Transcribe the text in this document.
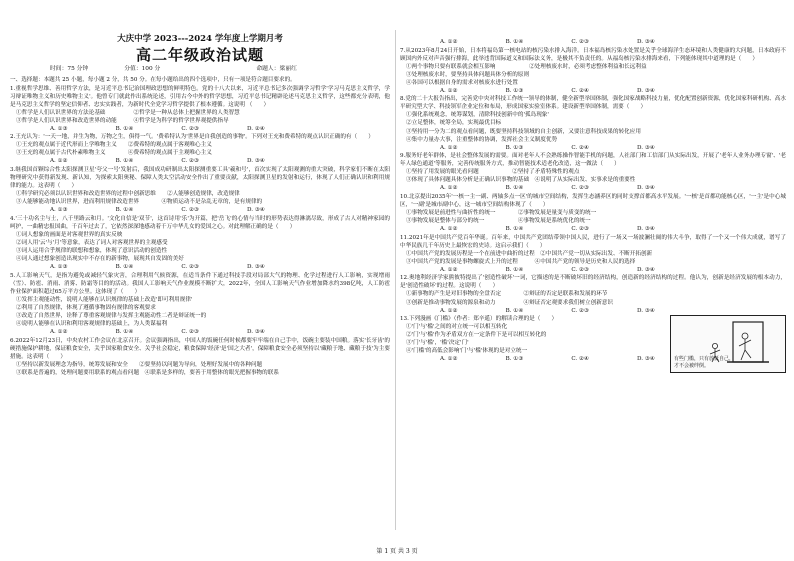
大庆中学 2023---2024 学年度上学期月考
高二年级政治试题
时间：75 分钟	分值：100 分	命题人：梁丽红

一、选择题：本题共 25 小题，每小题 2 分，共 50 分。在每小题给出的四个选项中，只有一项是符合题目要求的。

1.重视哲学思维、善用哲学方法，是习近平总书记治国理政思想的鲜明特色。党的十八大以来，习近平总书记多次强调学习哲学'学习马克思主义哲学，学习辩证唯物主义和历史唯物主义'。他曾专门就此作出系统论述，引用古今中外的哲学思想，习近平总书记精辟论述马克思主义哲学，这些都充分表明，他是马克思主义哲学的坚定信仰者、忠实实践者，为新时代全党学习哲学提供了根本遵循。这说明 （　　）

①哲学是人们认识世界的方法论基础　　　　　②哲学是一种从总体上把握世界的人类智慧

③哲学是人们认识世界和改造世界的动能　　　④哲学是为科学的哲学世界观提供指导

A. ①③	B. ①④	C. ②③	D. ②④

2.王充认为：'一天一地，并生为物，万物之生，俱得一气。'费希特认为'世界是自我创造的事物'。下列对王充和费希特的观点认识正确的有（　　）

①王充的观点属于近代形而上学唯物主义　　②费希特的观点属于客观唯心主义

③王充的观点属于古代朴素唯物主义　　　　④费希特的观点属于主观唯心主义

A. ①②	B. ①④	C. ②③	D. ③④

3.继我国首颗综合性太阳探测卫星'夸父一号'发射后，我国成功研制出太阳探测重要工具'羲和号'，首次实现了太阳观测的重大突破，科学家们不断在太阳物理研究中获得新发现、新认知，为探索太阳奥秘、保障人类太空活动安全作出了重要贡献，太阳探测卫星的发射和运行，体现了人们正确认识和利用规律的能力。这表明（　　）

①科学研究必须以认识世界和改造世界的过程中创新思维　　②人能够创造规律，改造规律

③人能够能动地认识世界，进而利用规律改造世界　　　　④物质运动不是杂乱无章的，是有规律的

A. ①③	B. ①④	C. ②③	D. ③④

4.'三十功名尘与土，八千里路云和月。'文化自信是'双节'，这首诗用'乐'为开篇，把'岳飞'的心情与当时的形势表达得淋漓尽致，形成了古人对精神家园的呵护，一曲精忠报国曲，千百年过去了，它依然深深地感动着千万中华儿女的爱国之心。对此理解正确的是（　　）

①词人想象的画面是对客观世界的真实反映

②词人用'云'与'月'等意象，表达了词人对客观世界的主观感受

③词人运用合乎规律的联想和想象，体现了意识活动的创造性

④词人通过想象创造出现实中不存在的新事物，展现其自发固的美好

A. ①③	B. ①④	C. ②③	D. ③④

5.人工影响天气，是指为避免或减轻气象灾害，合理利用气候资源，在适当条件下通过科技手段对局部大气的物理、化学过程进行人工影响，实现增雨（雪）、防雹、消雨、消雾、防霜等目的的活动。我国人工影响天气作业规模不断扩大，2022年，全国人工影响天气作业增加降水约398亿吨，人工防雹作业保护面积超过65万平方公里。这体现了（　　）

①发挥主观能动性，说明人能够在认识规律的基础上改造'即可利用规律'

②利用了自然规律，体现了遵循事物固有规律的客观要求

③改造了自然世界，诠释了尊重客观规律与发挥主观能动性二者是辩证统一的

④说明人能够在认识和利用客观规律的基础上，为人类谋福利

A. ①②	B. ①④	C. ②③	D. ③④

6.2022年12月23日，中央农村工作会议在北京召开。会议强调指出，中国人的饭碗任何时候都要牢牢端在自己手中，饭碗主要装中国粮。落实'长牙齿'的硬措施保护耕地，保证粮食安全，关乎国家粮食安全、关乎社会稳定，粮食保障'经济'是'国之大者'，保障粮食安全必须坚持以'藏粮于地、藏粮于技'为主要措施。这表明（　　）

①坚持以新发展理念为指导，统筹发展和安全　　②要坚持以问题为导向，处理好发展中的各种问题

③联系是普遍的，处理问题要用联系的观点看问题　④联系是多样的，要善于用整体的眼光把握事物的联系

A. ①②	B. ①④	C. ②③	D. ③④

7.从2023年8月24日开始，日本将福岛第一核电站的核污染水排入海洋。日本福岛核污染水处置是关乎全球海洋生态环境和人类健康的大问题，日本政府不顾国内外反对声音强行排海，此举违背国际道义和国际法义务，是极其不负责任的。从福岛核污染水排海来看，下列能体现其中道理的是（　　）

①两个事物只要有联系就会相互影响　　　　　　②处理核废水时，必须考虑整体利益和长远利益

③处理核废水时，要坚持具体问题具体分析的原则

④各国可以根据自身的需求对核废水进行处置

A. ①②	B. ①③	C. ②④	D. ③④

8.党的二十大报告指出，完善党中央对科技工作统一领导的体制，健全新型举国体制，强化国家战略科技力量，优化配置创新资源，优化国家科研机构、高水平研究型大学、科技领军企业定位和布局，形成国家实验室体系。建设新型举国体制，需要（　　）

①强化系统观念，统筹谋划，清除科技创新中的'孤岛现象'

②立足整体，统筹全局，实现最优目标

③坚持用一分为二的观点看问题，既要坚持科技领域的自主创新，又要注意科技成果的转化应用

④集中力量办大事，注重整体的协调，发挥社会主义制度优势

A. ①②	B. ①③	C. ②④	D. ③④

9.服务好老年群体，是社会整体发展的需要。面对老年人不会熟练操作智能手机的问题，人社部门和工信部门从实际出发，开展了'老年人业务办理专窗'、'老年人绿色通道'等服务，完善传统服务方式，推动智能技术适老化改造，这一做法（　　）

①坚持了用发展的眼光看问题　　　　　　②坚持了矛盾特殊性的观点

③体现了具体问题具体分析是正确认识事物的基础　④说明了从实际出发、实事求是的重要性

A. ①②	B. ①④	C. ②③	D. ③④

10.北京提出2035年'一核一主一副、两轴多点一区'的城市空间结构，发挥生态涵养区的同时支撑首都高水平发展。'一核'是首都功能核心区，'一主'是中心城区，'一副'是城市副中心，这一城市空间结构体现了（　　）

①事物发展是前进性与曲折性的统一　　　　②事物发展是量变与质变的统一

③事物发展是整体与部分的统一　　　　　　④事物发展是系统优化的统一

A. ①②	B. ①④	C. ②③	D. ③④

11.2021年是中国共产党百年华诞。百年来，中国共产党团结带领中国人民，进行了一场又一场波澜壮阔的伟大斗争，取得了一个又一个伟大成就，谱写了中华民族几千年历史上最恢宏的史诗。这启示我们（　　）

①中国共产党的发展历程是一个在前进中曲折的过程　②中国共产党一切从实际出发、不断开拓创新

③中国共产党的发展是事物螺旋式上升的过程　　　④中国共产党的领导是历史和人民的选择

A. ①②	B. ①④	C. ②③	D. ③④

12.奥地利经济学家熊彼特提出了'创造性破坏'一词，它描述的是不断破坏旧的经济结构，创造新的经济结构的过程。他认为，创新是经济发展的根本动力，是'创造性破坏'的过程。这说明（　　）

①新事物的产生是对旧事物的全盘否定　　　　②辩证的否定是联系和发展的环节

③创新是推动事物发展的源泉和动力　　　　　④辩证否定观要求我们树立创新意识

A. ①②	B. ①④	C. ②③	D. ③④

13.下列漫画《门槛》（作者：郑辛遥）的解读合理的是（　　）

①'门'与'槛'之间的对立统一可以相互转化

②'门'与'槛'作为矛盾双方在一定条件下是可以相互转化的

③'门'与'槛'，'槛'决定'门'

④'门槛'的高低会影响'门'与'槛'体现的是对立统一

A. ①②	B. ①③	C. ②④	D. ③④	有些门槛，只有放低自己，
才不会被绊倒。
第 1 页 共 3 页
